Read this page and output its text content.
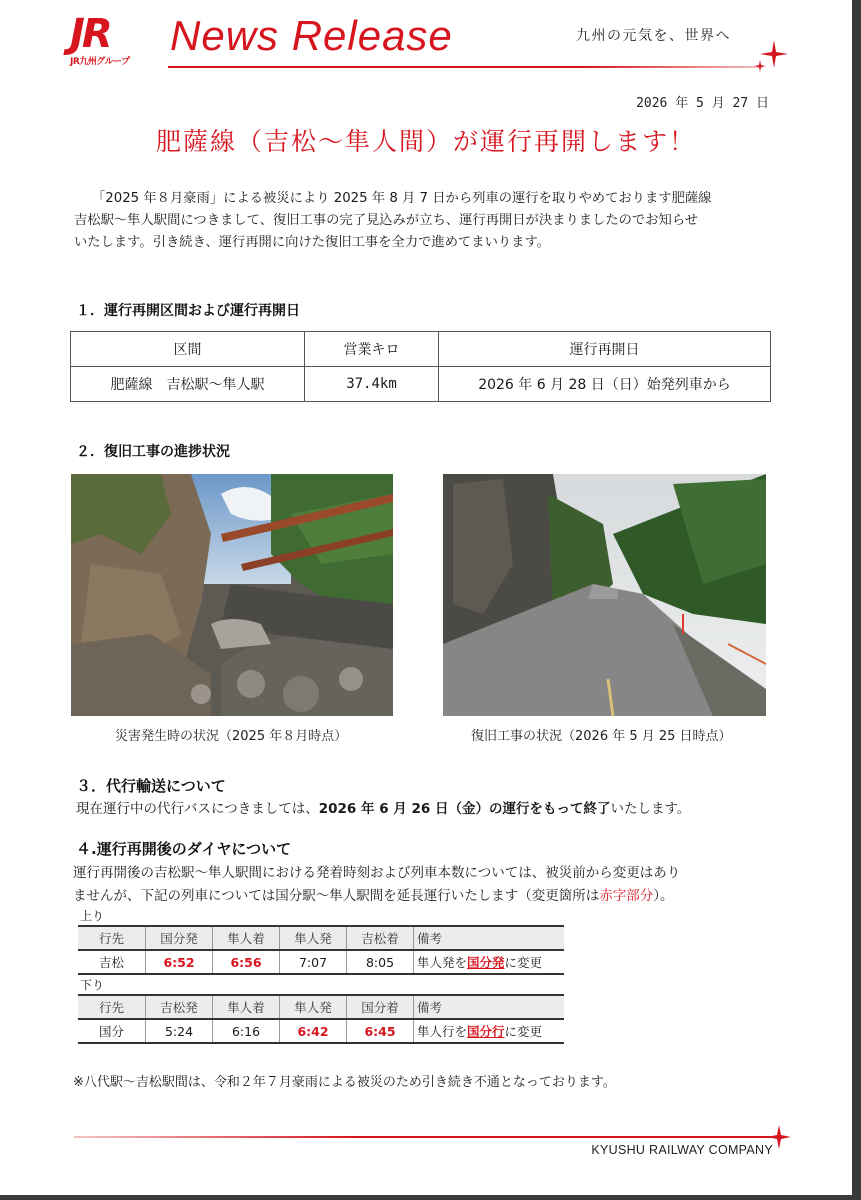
JR
JR九州グループ
News Release	九州の元気を、世界へ
2026 年 5 月 27 日
肥薩線（吉松～隼人間）が運行再開します！
「2025 年８月豪雨」による被災により 2025 年 8 月 7 日から列車の運行を取りやめております肥薩線
吉松駅～隼人駅間につきまして、復旧工事の完了見込みが立ち、運行再開日が決まりましたのでお知らせ
いたします。引き続き、運行再開に向けた復旧工事を全力で進めてまいります。
１．運行再開区間および運行再開日
区間	営業キロ	運行再開日
肥薩線　吉松駅～隼人駅	37.4km	2026 年 6 月 28 日（日）始発列車から
２．復旧工事の進捗状況
災害発生時の状況（2025 年８月時点）	復旧工事の状況（2026 年 5 月 25 日時点）
３．代行輸送について
現在運行中の代行バスにつきましては、2026 年 6 月 26 日（金）の運行をもって終了いたします。
４.運行再開後のダイヤについて
運行再開後の吉松駅～隼人駅間における発着時刻および列車本数については、被災前から変更はあり
ませんが、下記の列車については国分駅～隼人駅間を延長運行いたします（変更箇所は赤字部分）。
上り
行先	国分発	隼人着	隼人発	吉松着	備考
吉松	6:52	6:56	7:07	8:05	隼人発を国分発に変更
下り
行先	吉松発	隼人着	隼人発	国分着	備考
国分	5:24	6:16	6:42	6:45	隼人行を国分行に変更
※八代駅～吉松駅間は、令和２年７月豪雨による被災のため引き続き不通となっております。
KYUSHU RAILWAY COMPANY
